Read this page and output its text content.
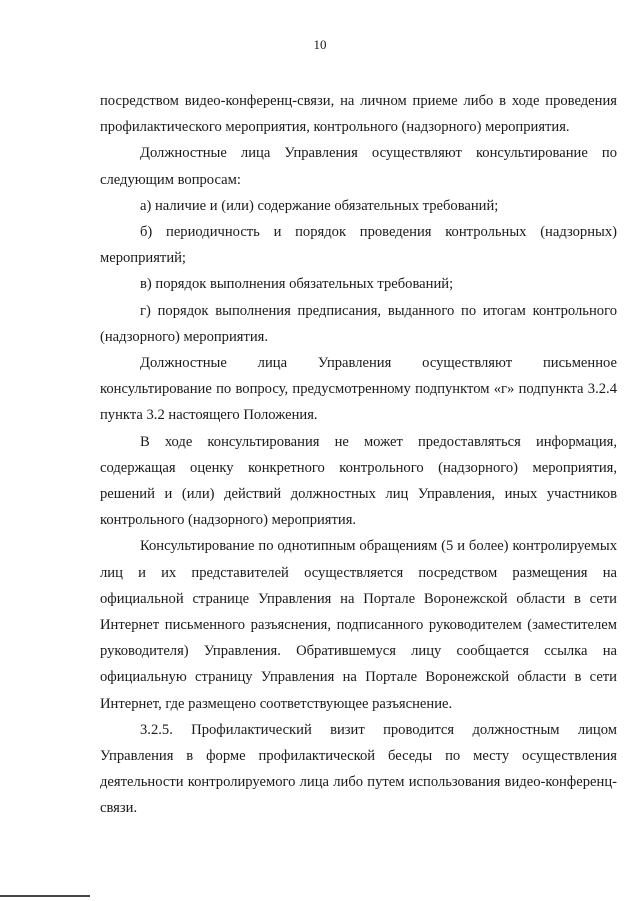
10

посредством видео-конференц-связи, на личном приеме либо в ходе проведения профилактического мероприятия, контрольного (надзорного) мероприятия.

Должностные лица Управления осуществляют консультирование по следующим вопросам:

а) наличие и (или) содержание обязательных требований;

б) периодичность и порядок проведения контрольных (надзорных) мероприятий;

в) порядок выполнения обязательных требований;

г) порядок выполнения предписания, выданного по итогам контрольного (надзорного) мероприятия.

Должностные лица Управления осуществляют письменное консультирование по вопросу, предусмотренному подпунктом «г» подпункта 3.2.4 пункта 3.2 настоящего Положения.

В ходе консультирования не может предоставляться информация, содержащая оценку конкретного контрольного (надзорного) мероприятия, решений и (или) действий должностных лиц Управления, иных участников контрольного (надзорного) мероприятия.

Консультирование по однотипным обращениям (5 и более) контролируемых лиц и их представителей осуществляется посредством размещения на официальной странице Управления на Портале Воронежской области в сети Интернет письменного разъяснения, подписанного руководителем (заместителем руководителя) Управления. Обратившемуся лицу сообщается ссылка на официальную страницу Управления на Портале Воронежской области в сети Интернет, где размещено соответствующее разъяснение.

3.2.5. Профилактический визит проводится должностным лицом Управления в форме профилактической беседы по месту осуществления деятельности контролируемого лица либо путем использования видео-конференц-связи.
